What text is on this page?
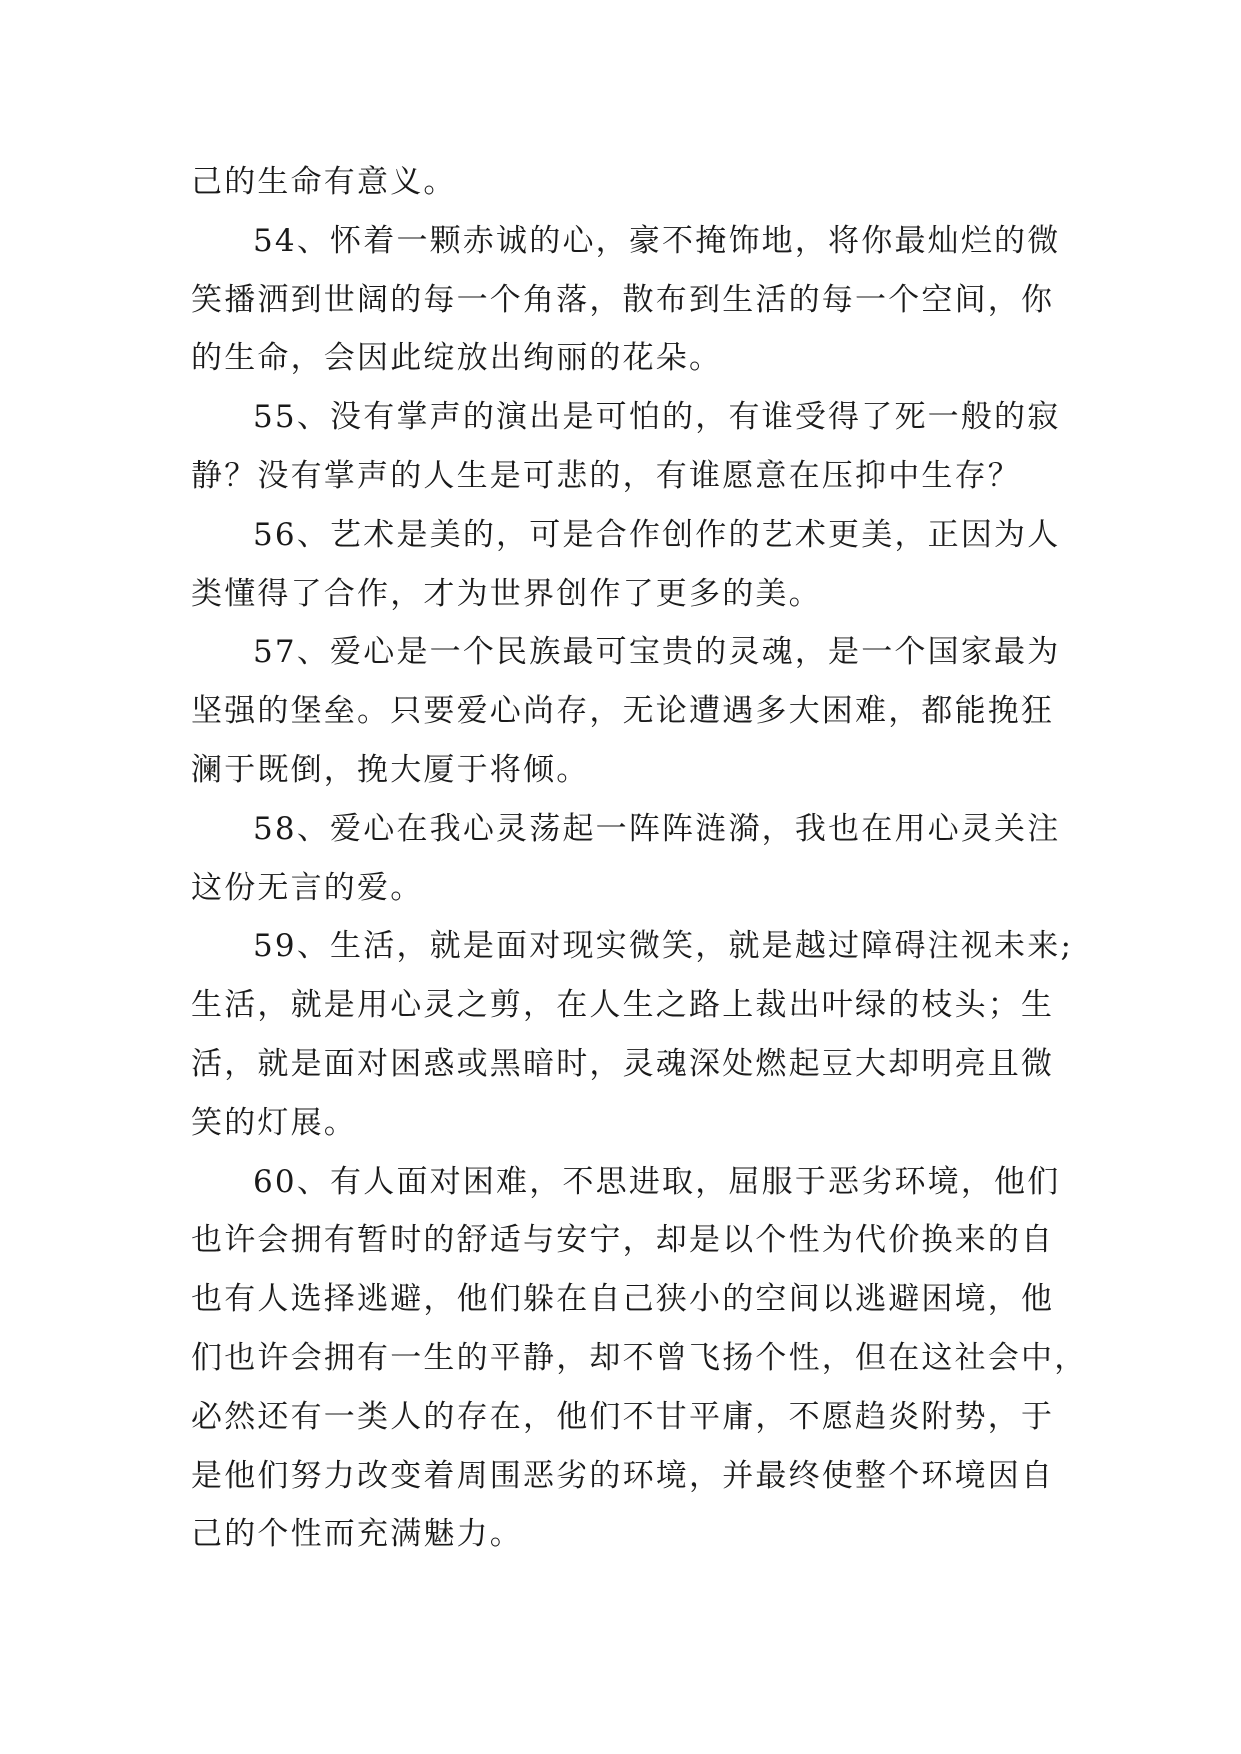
己的生命有意义。

54、怀着一颗赤诚的心，豪不掩饰地，将你最灿烂的微
笑播洒到世阔的每一个角落，散布到生活的每一个空间，你
的生命，会因此绽放出绚丽的花朵。

55、没有掌声的演出是可怕的，有谁受得了死一般的寂
静？没有掌声的人生是可悲的，有谁愿意在压抑中生存？

56、艺术是美的，可是合作创作的艺术更美，正因为人
类懂得了合作，才为世界创作了更多的美。

57、爱心是一个民族最可宝贵的灵魂，是一个国家最为
坚强的堡垒。只要爱心尚存，无论遭遇多大困难，都能挽狂
澜于既倒，挽大厦于将倾。

58、爱心在我心灵荡起一阵阵涟漪，我也在用心灵关注
这份无言的爱。

59、生活，就是面对现实微笑，就是越过障碍注视未来;
生活，就是用心灵之剪，在人生之路上裁出叶绿的枝头；生
活，就是面对困惑或黑暗时，灵魂深处燃起豆大却明亮且微
笑的灯展。

60、有人面对困难，不思进取，屈服于恶劣环境，他们
也许会拥有暂时的舒适与安宁，却是以个性为代价换来的自
也有人选择逃避，他们躲在自己狭小的空间以逃避困境，他
们也许会拥有一生的平静，却不曾飞扬个性，但在这社会中，
必然还有一类人的存在，他们不甘平庸，不愿趋炎附势，于
是他们努力改变着周围恶劣的环境，并最终使整个环境因自
己的个性而充满魅力。
